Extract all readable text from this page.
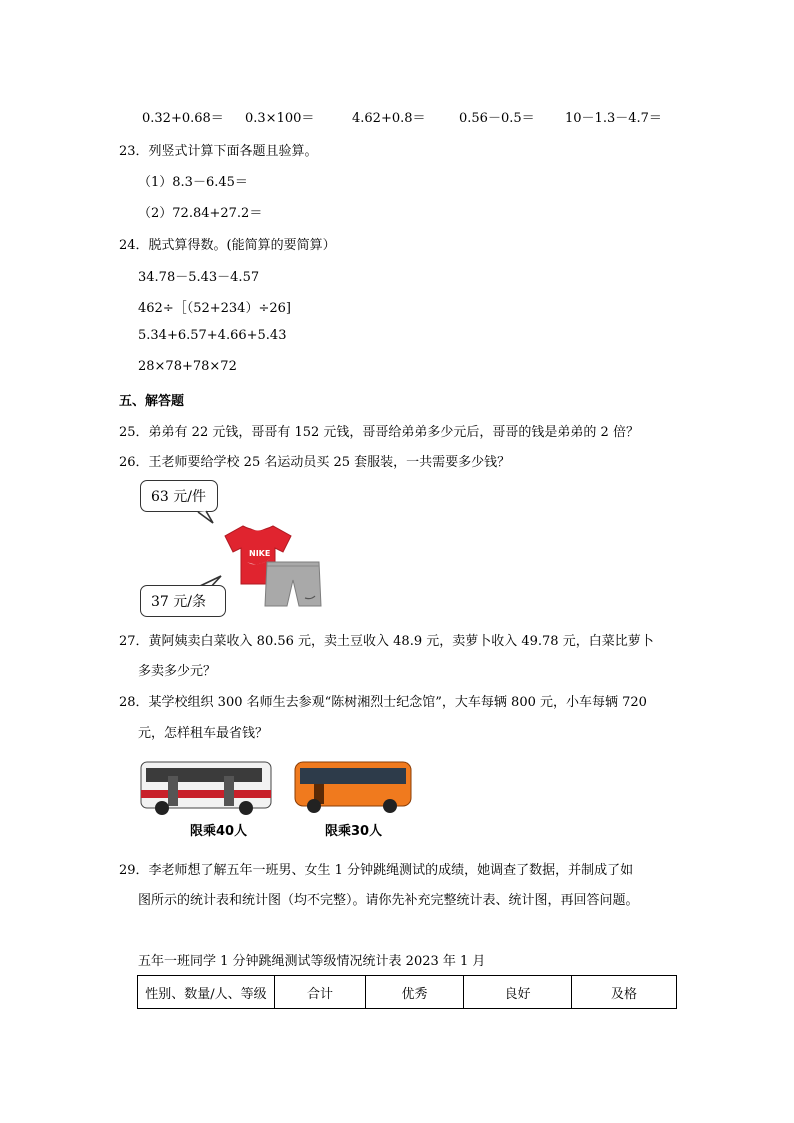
0.32+0.68＝ 0.3×100＝	4.62+0.8＝	0.56－0.5＝ 10－1.3－4.7＝
23．列竖式计算下面各题且验算。
（1）8.3－6.45＝
（2）72.84+27.2＝
24．脱式算得数。(能简算的要简算）
34.78－5.43－4.57
462÷［（52+234）÷26]
5.34+6.57+4.66+5.43
28×78+78×72
五、解答题
25．弟弟有 22 元钱，哥哥有 152 元钱，哥哥给弟弟多少元后，哥哥的钱是弟弟的 2 倍？
26．王老师要给学校 25 名运动员买 25 套服装，一共需要多少钱？
63 元/件
37 元/条
NIKE
27．黄阿姨卖白菜收入 80.56 元，卖土豆收入 48.9 元，卖萝卜收入 49.78 元，白菜比萝卜
多卖多少元？
28．某学校组织 300 名师生去参观“陈树湘烈士纪念馆”，大车每辆 800 元，小车每辆 720
元，怎样租车最省钱？
限乘40人	限乘30人
29．李老师想了解五年一班男、女生 1 分钟跳绳测试的成绩，她调查了数据，并制成了如
图所示的统计表和统计图（均不完整）。请你先补充完整统计表、统计图，再回答问题。
五年一班同学 1 分钟跳绳测试等级情况统计表 2023 年 1 月
性别、数量/人、等级	合计	优秀	良好	及格
